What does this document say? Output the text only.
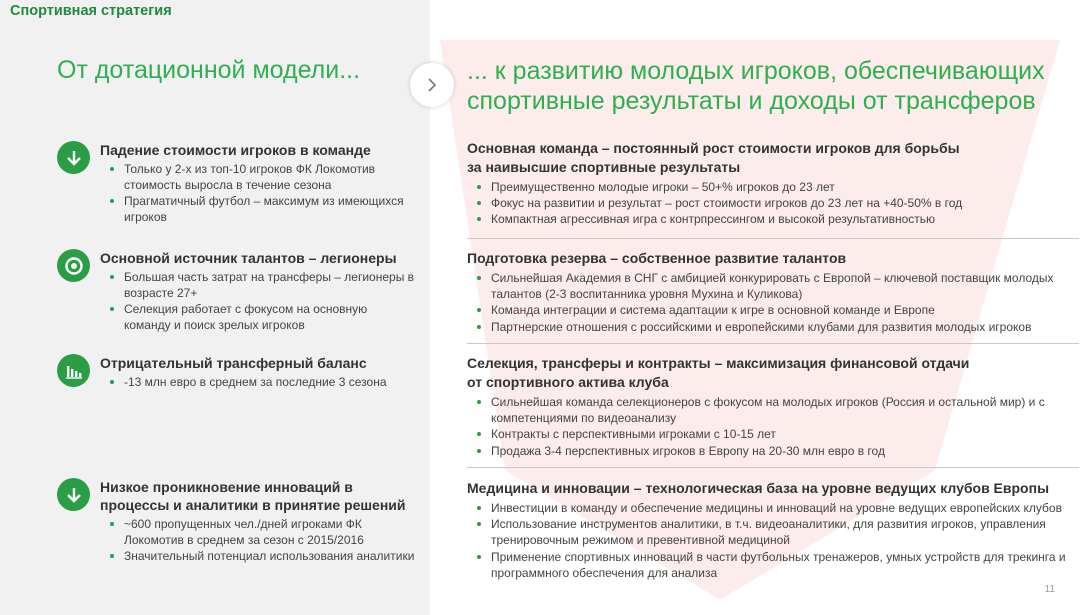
Спортивная стратегия
От дотационной модели...	... к развитию молодых игроков, обеспечивающих спортивные результаты и доходы от трансферов
Падение стоимости игроков в команде
Только у 2-х из топ-10 игроков ФК Локомотив стоимость выросла в течение сезона
Прагматичный футбол – максимум из имеющихся игроков
Основной источник талантов – легионеры
Большая часть затрат на трансферы – легионеры в возрасте 27+
Селекция работает с фокусом на основную команду и поиск зрелых игроков
Отрицательный трансферный баланс
-13 млн евро в среднем за последние 3 сезона
Низкое проникновение инноваций в процессы и аналитики в принятие решений
~600 пропущенных чел./дней игроками ФК Локомотив в среднем за сезон с 2015/2016
Значительный потенциал использования аналитики
Основная команда – постоянный рост стоимости игроков для борьбы за наивысшие спортивные результаты
Преимущественно молодые игроки – 50+% игроков до 23 лет
Фокус на развитии и результат – рост стоимости игроков до 23 лет на +40-50% в год
Компактная агрессивная игра с контрпрессингом и высокой результативностью
Подготовка резерва – собственное развитие талантов
Сильнейшая Академия в СНГ с амбицией конкурировать с Европой – ключевой поставщик молодых талантов (2-3 воспитанника уровня Мухина и Куликова)
Команда интеграции и система адаптации к игре в основной команде и Европе
Партнерские отношения с российскими и европейскими клубами для развития молодых игроков
Селекция, трансферы и контракты – максимизация финансовой отдачи от спортивного актива клуба
Сильнейшая команда селекционеров с фокусом на молодых игроков (Россия и остальной мир) и с компетенциями по видеоанализу
Контракты с перспективными игроками с 10-15 лет
Продажа 3-4 перспективных игроков в Европу на 20-30 млн евро в год
Медицина и инновации – технологическая база на уровне ведущих клубов Европы
Инвестиции в команду и обеспечение медицины и инноваций на уровне ведущих европейских клубов
Использование инструментов аналитики, в т.ч. видеоаналитики, для развития игроков, управления тренировочным режимом и превентивной медициной
Применение спортивных инноваций в части футбольных тренажеров, умных устройств для трекинга и программного обеспечения для анализа
11
